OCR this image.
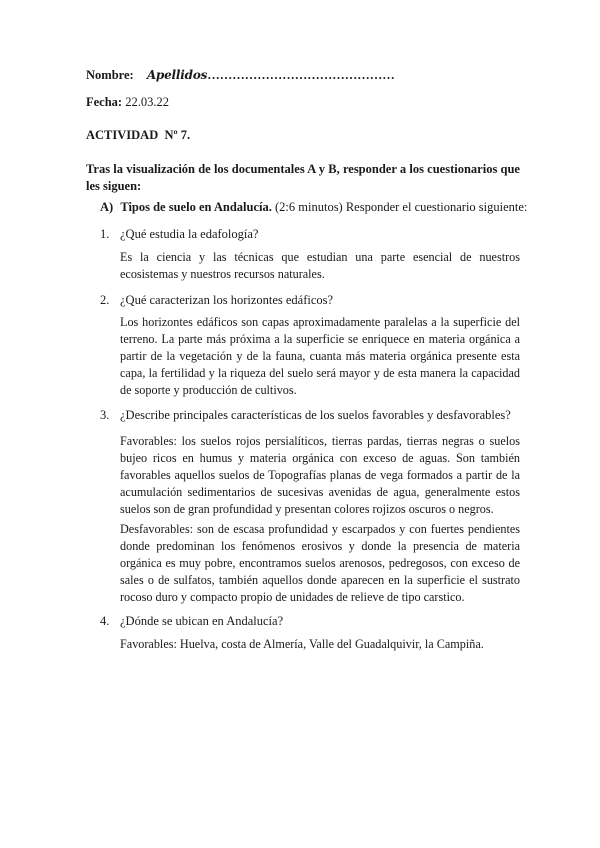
Nombre: Apellidos………………………………………
Fecha: 22.03.22
ACTIVIDAD  Nº 7.
Tras la visualización de los documentales A y B, responder a los cuestionarios que les siguen:
A) Tipos de suelo en Andalucía. (2:6 minutos) Responder el cuestionario siguiente:
1. ¿Qué estudia la edafología?
Es la ciencia y las técnicas que estudian una parte esencial de nuestros ecosistemas y nuestros recursos naturales.
2. ¿Qué caracterizan los horizontes edáficos?
Los horizontes edáficos son capas aproximadamente paralelas a la superficie del terreno. La parte más próxima a la superficie se enriquece en materia orgánica a partir de la vegetación y de la fauna, cuanta más materia orgánica presente esta capa, la fertilidad y la riqueza del suelo será mayor y de esta manera la capacidad de soporte y producción de cultivos.
3. ¿Describe principales características de los suelos favorables y desfavorables?
Favorables: los suelos rojos persialíticos, tierras pardas, tierras negras o suelos bujeo ricos en humus y materia orgánica con exceso de aguas. Son también favorables aquellos suelos de Topografías planas de vega formados a partir de la acumulación sedimentarios de sucesivas avenidas de agua, generalmente estos suelos son de gran profundidad y presentan colores rojizos oscuros o negros.
Desfavorables: son de escasa profundidad y escarpados y con fuertes pendientes donde predominan los fenómenos erosivos y donde la presencia de materia orgánica es muy pobre, encontramos suelos arenosos, pedregosos, con exceso de sales o de sulfatos, también aquellos donde aparecen en la superficie el sustrato rocoso duro y compacto propio de unidades de relieve de tipo carstico.
4. ¿Dónde se ubican en Andalucía?
Favorables: Huelva, costa de Almería, Valle del Guadalquivir, la Campiña.
